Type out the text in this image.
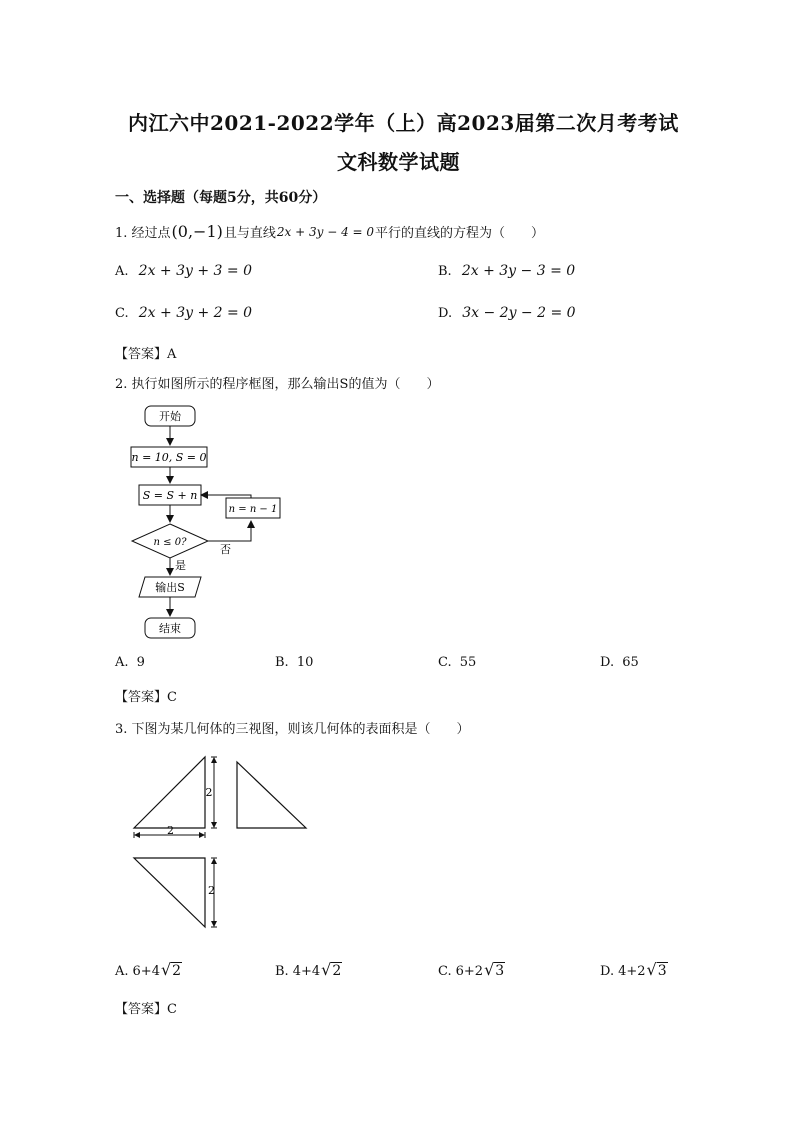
内江六中2021-2022学年（上）高2023届第二次月考考试
文科数学试题
一、选择题（每题5分，共60分）
1. 经过点 (0,−1) 且与直线 2x + 3y − 4 = 0 平行的直线的方程为（　　）
A. 2x + 3y + 3 = 0	B. 2x + 3y − 3 = 0
C. 2x + 3y + 2 = 0	D. 3x − 2y − 2 = 0
【答案】A
2. 执行如图所示的程序框图，那么输出S的值为（　　）
开始
n = 10, S = 0
S = S + n
n ≤ 0?
否
n = n − 1
是
输出S
结束
A. 9	B. 10	C. 55	D. 65
【答案】C
3. 下图为某几何体的三视图，则该几何体的表面积是（　　）
2
2
2
A. 6+4 √ 2	B. 4+4 √ 2	C. 6+2 √ 3	D. 4+2 √ 3
【答案】C
